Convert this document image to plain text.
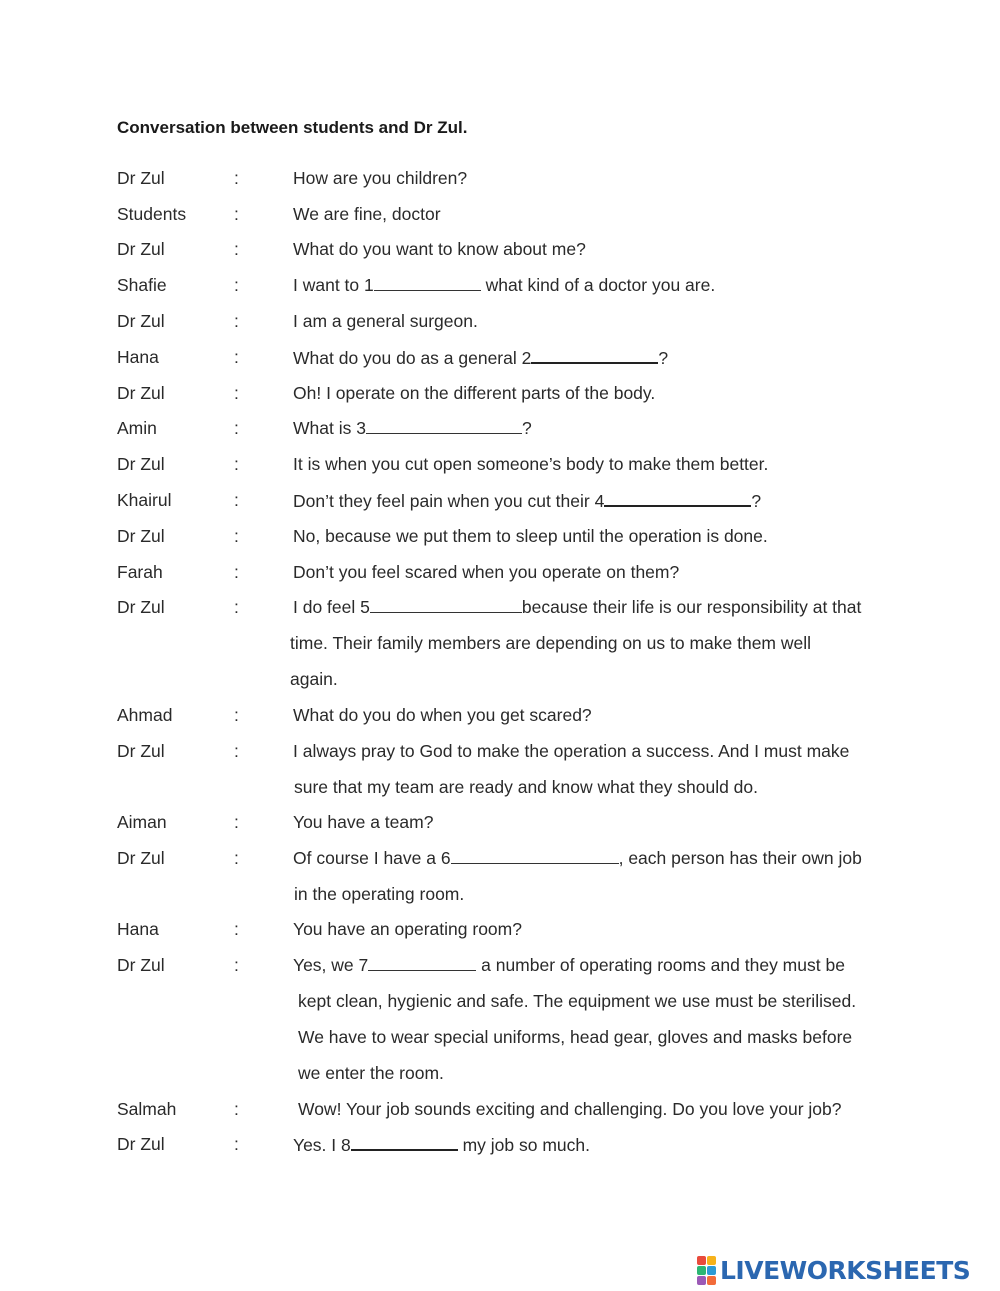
Conversation between students and Dr Zul.
Dr Zul	:	How are you children?
Students	:	We are fine, doctor
Dr Zul	:	What do you want to know about me?
Shafie	:	I want to 1	what kind of a doctor you are.
Dr Zul	:	I am a general surgeon.
Hana	:	What do you do as a general 2	?
Dr Zul	:	Oh! I operate on the different parts of the body.
Amin	:	What is 3	?
Dr Zul	:	It is when you cut open someone’s body to make them better.
Khairul	:	Don’t they feel pain when you cut their 4	?
Dr Zul	:	No, because we put them to sleep until the operation is done.
Farah	:	Don’t you feel scared when you operate on them?
Dr Zul	:	I do feel 5	because their life is our responsibility at that
time. Their family members are depending on us to make them well
again.
Ahmad	:	What do you do when you get scared?
Dr Zul	:	I always pray to God to make the operation a success. And I must make
sure that my team are ready and know what they should do.
Aiman	:	You have a team?
Dr Zul	:	Of course I have a 6	, each person has their own job
in the operating room.
Hana	:	You have an operating room?
Dr Zul	:	Yes, we 7	a number of operating rooms and they must be
kept clean, hygienic and safe. The equipment we use must be sterilised.
We have to wear special uniforms, head gear, gloves and masks before
we enter the room.
Salmah	:	Wow! Your job sounds exciting and challenging. Do you love your job?
Dr Zul	:	Yes. I 8	my job so much.
LIVEWORKSHEETS
